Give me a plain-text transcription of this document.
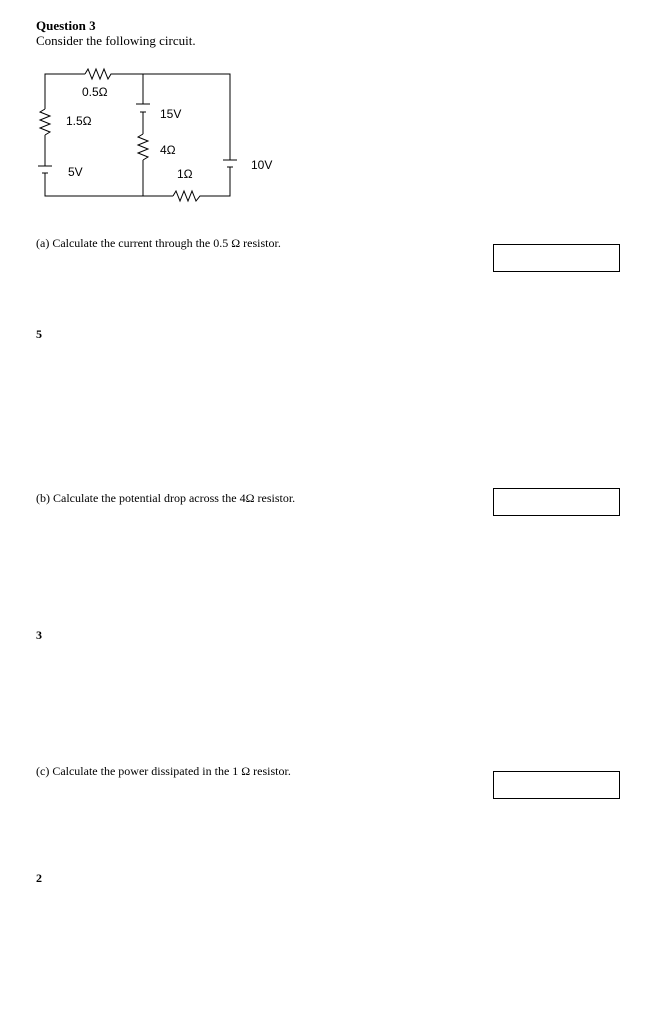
Question 3
Consider the following circuit.
0.5Ω
1.5Ω
5V
15V
4Ω
1Ω
10V
(a) Calculate the current through the 0.5 Ω resistor.
5
(b) Calculate the potential drop across the 4Ω resistor.
3
(c) Calculate the power dissipated in the 1 Ω resistor.
2
